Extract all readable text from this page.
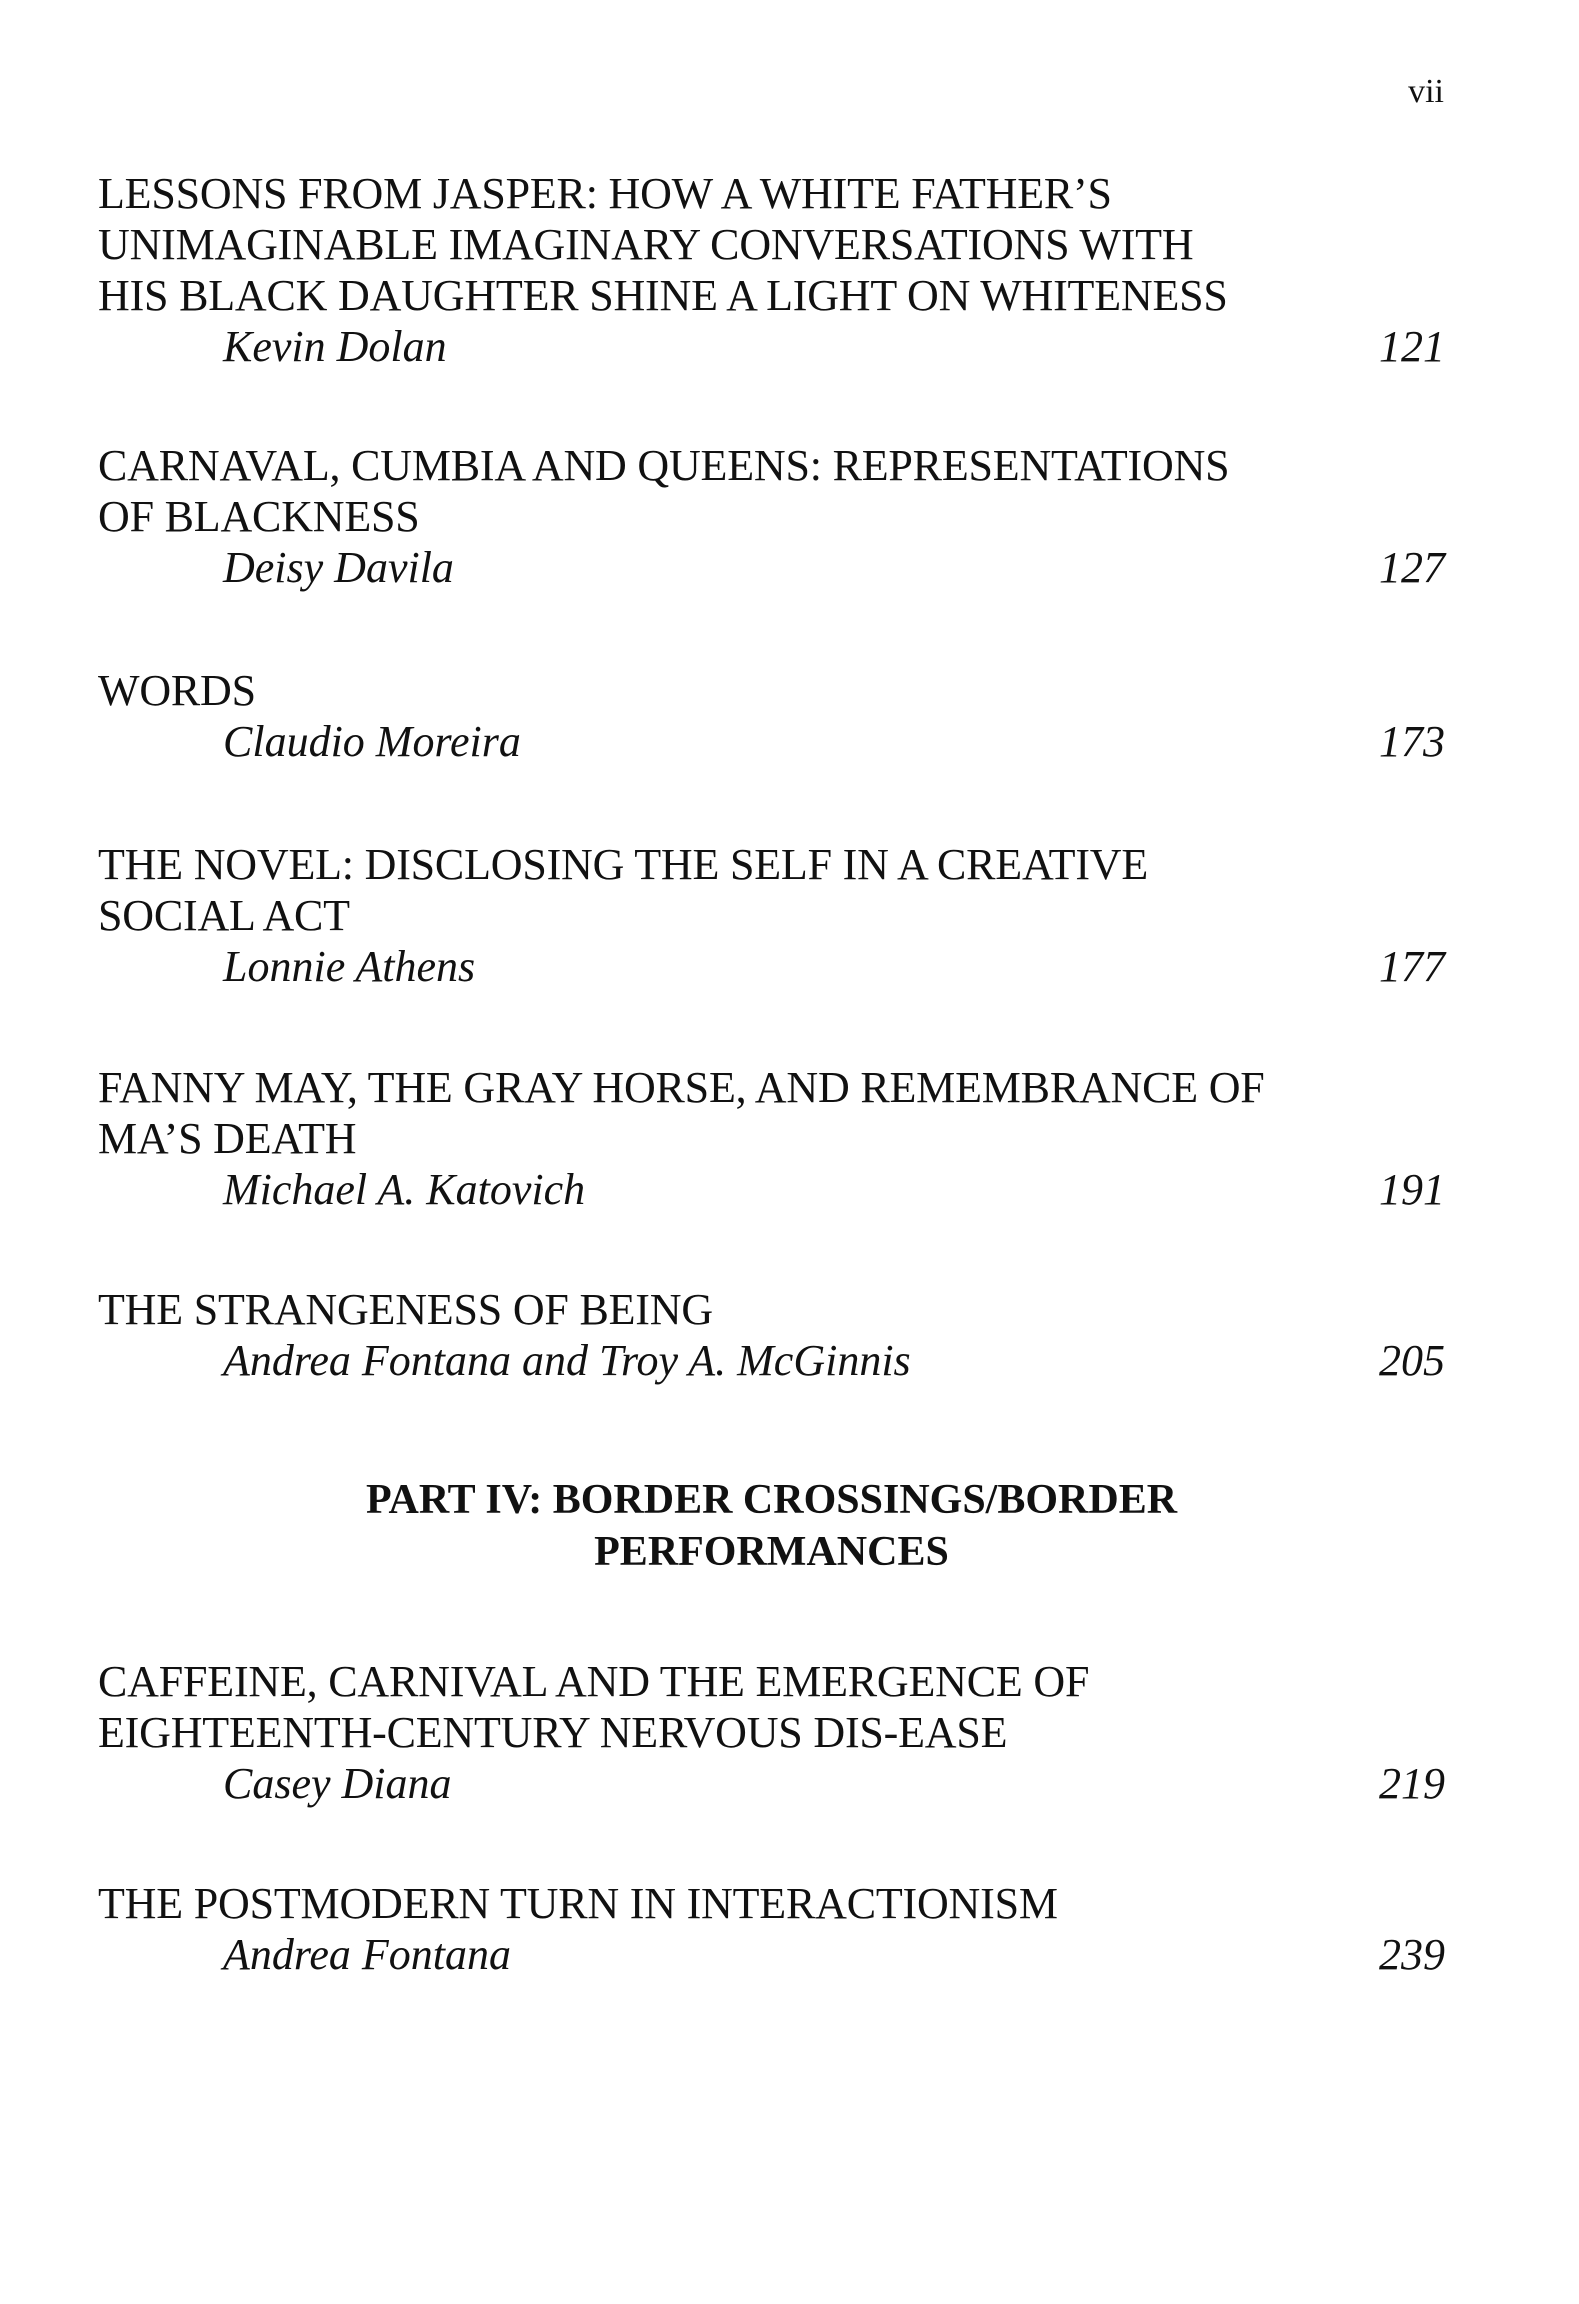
vii
LESSONS FROM JASPER: HOW A WHITE FATHER’S
UNIMAGINABLE IMAGINARY CONVERSATIONS WITH
HIS BLACK DAUGHTER SHINE A LIGHT ON WHITENESS
Kevin Dolan	121
CARNAVAL, CUMBIA AND QUEENS: REPRESENTATIONS
OF BLACKNESS
Deisy Davila	127
WORDS
Claudio Moreira	173
THE NOVEL: DISCLOSING THE SELF IN A CREATIVE
SOCIAL ACT
Lonnie Athens	177
FANNY MAY, THE GRAY HORSE, AND REMEMBRANCE OF
MA’S DEATH
Michael A. Katovich	191
THE STRANGENESS OF BEING
Andrea Fontana and Troy A. McGinnis	205
PART IV: BORDER CROSSINGS/BORDER
PERFORMANCES
CAFFEINE, CARNIVAL AND THE EMERGENCE OF
EIGHTEENTH-CENTURY NERVOUS DIS-EASE
Casey Diana	219
THE POSTMODERN TURN IN INTERACTIONISM
Andrea Fontana	239
